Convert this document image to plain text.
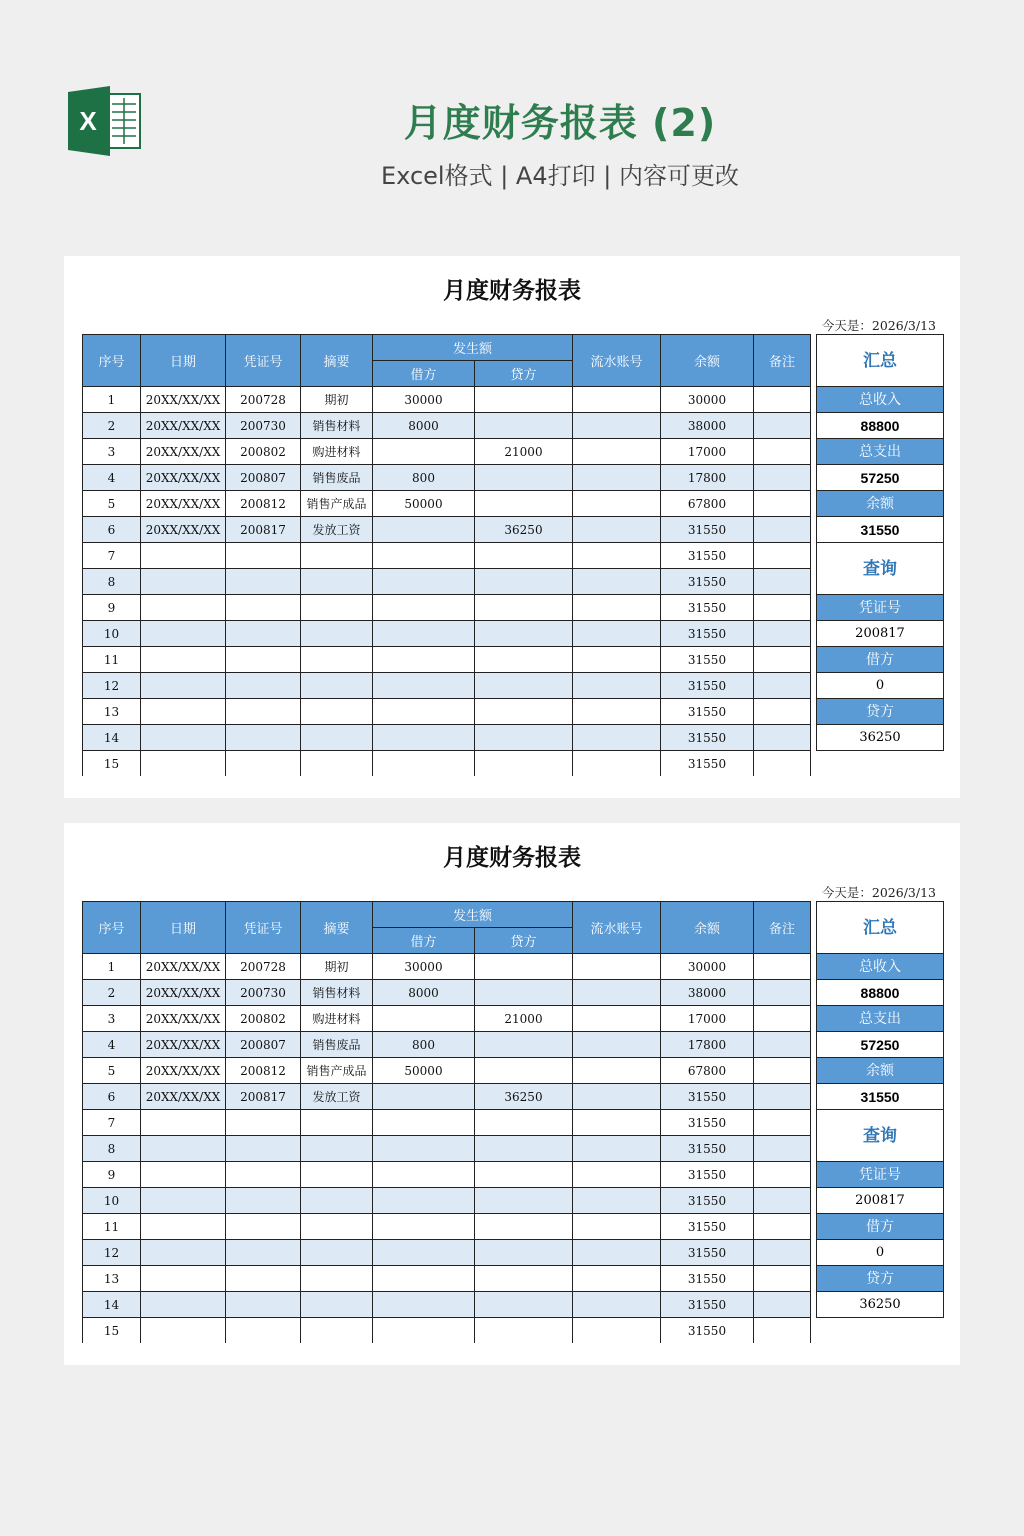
X	月度财务报表 (2)
Excel格式 | A4打印 | 内容可更改
月度财务报表
今天是：2026/3/13
序号	日期	凭证号	摘要	发生额		流水账号	余额	备注
				借方	贷方			
1	20XX/XX/XX	200728	期初	30000			30000	
2	20XX/XX/XX	200730	销售材料	8000			38000	
3	20XX/XX/XX	200802	购进材料		21000		17000	
4	20XX/XX/XX	200807	销售废品	800			17800	
5	20XX/XX/XX	200812	销售产成品	50000			67800	
6	20XX/XX/XX	200817	发放工资		36250		31550	
7							31550	
8							31550	
9							31550	
10							31550	
11							31550	
12							31550	
13							31550	
14							31550	
15							31550	
汇总
总收入
88800
总支出
57250
余额
31550
查询
凭证号
200817
借方
0
贷方
36250
月度财务报表
今天是：2026/3/13
序号	日期	凭证号	摘要	发生额		流水账号	余额	备注
				借方	贷方			
1	20XX/XX/XX	200728	期初	30000			30000	
2	20XX/XX/XX	200730	销售材料	8000			38000	
3	20XX/XX/XX	200802	购进材料		21000		17000	
4	20XX/XX/XX	200807	销售废品	800			17800	
5	20XX/XX/XX	200812	销售产成品	50000			67800	
6	20XX/XX/XX	200817	发放工资		36250		31550	
7							31550	
8							31550	
9							31550	
10							31550	
11							31550	
12							31550	
13							31550	
14							31550	
15							31550	
汇总
总收入
88800
总支出
57250
余额
31550
查询
凭证号
200817
借方
0
贷方
36250
